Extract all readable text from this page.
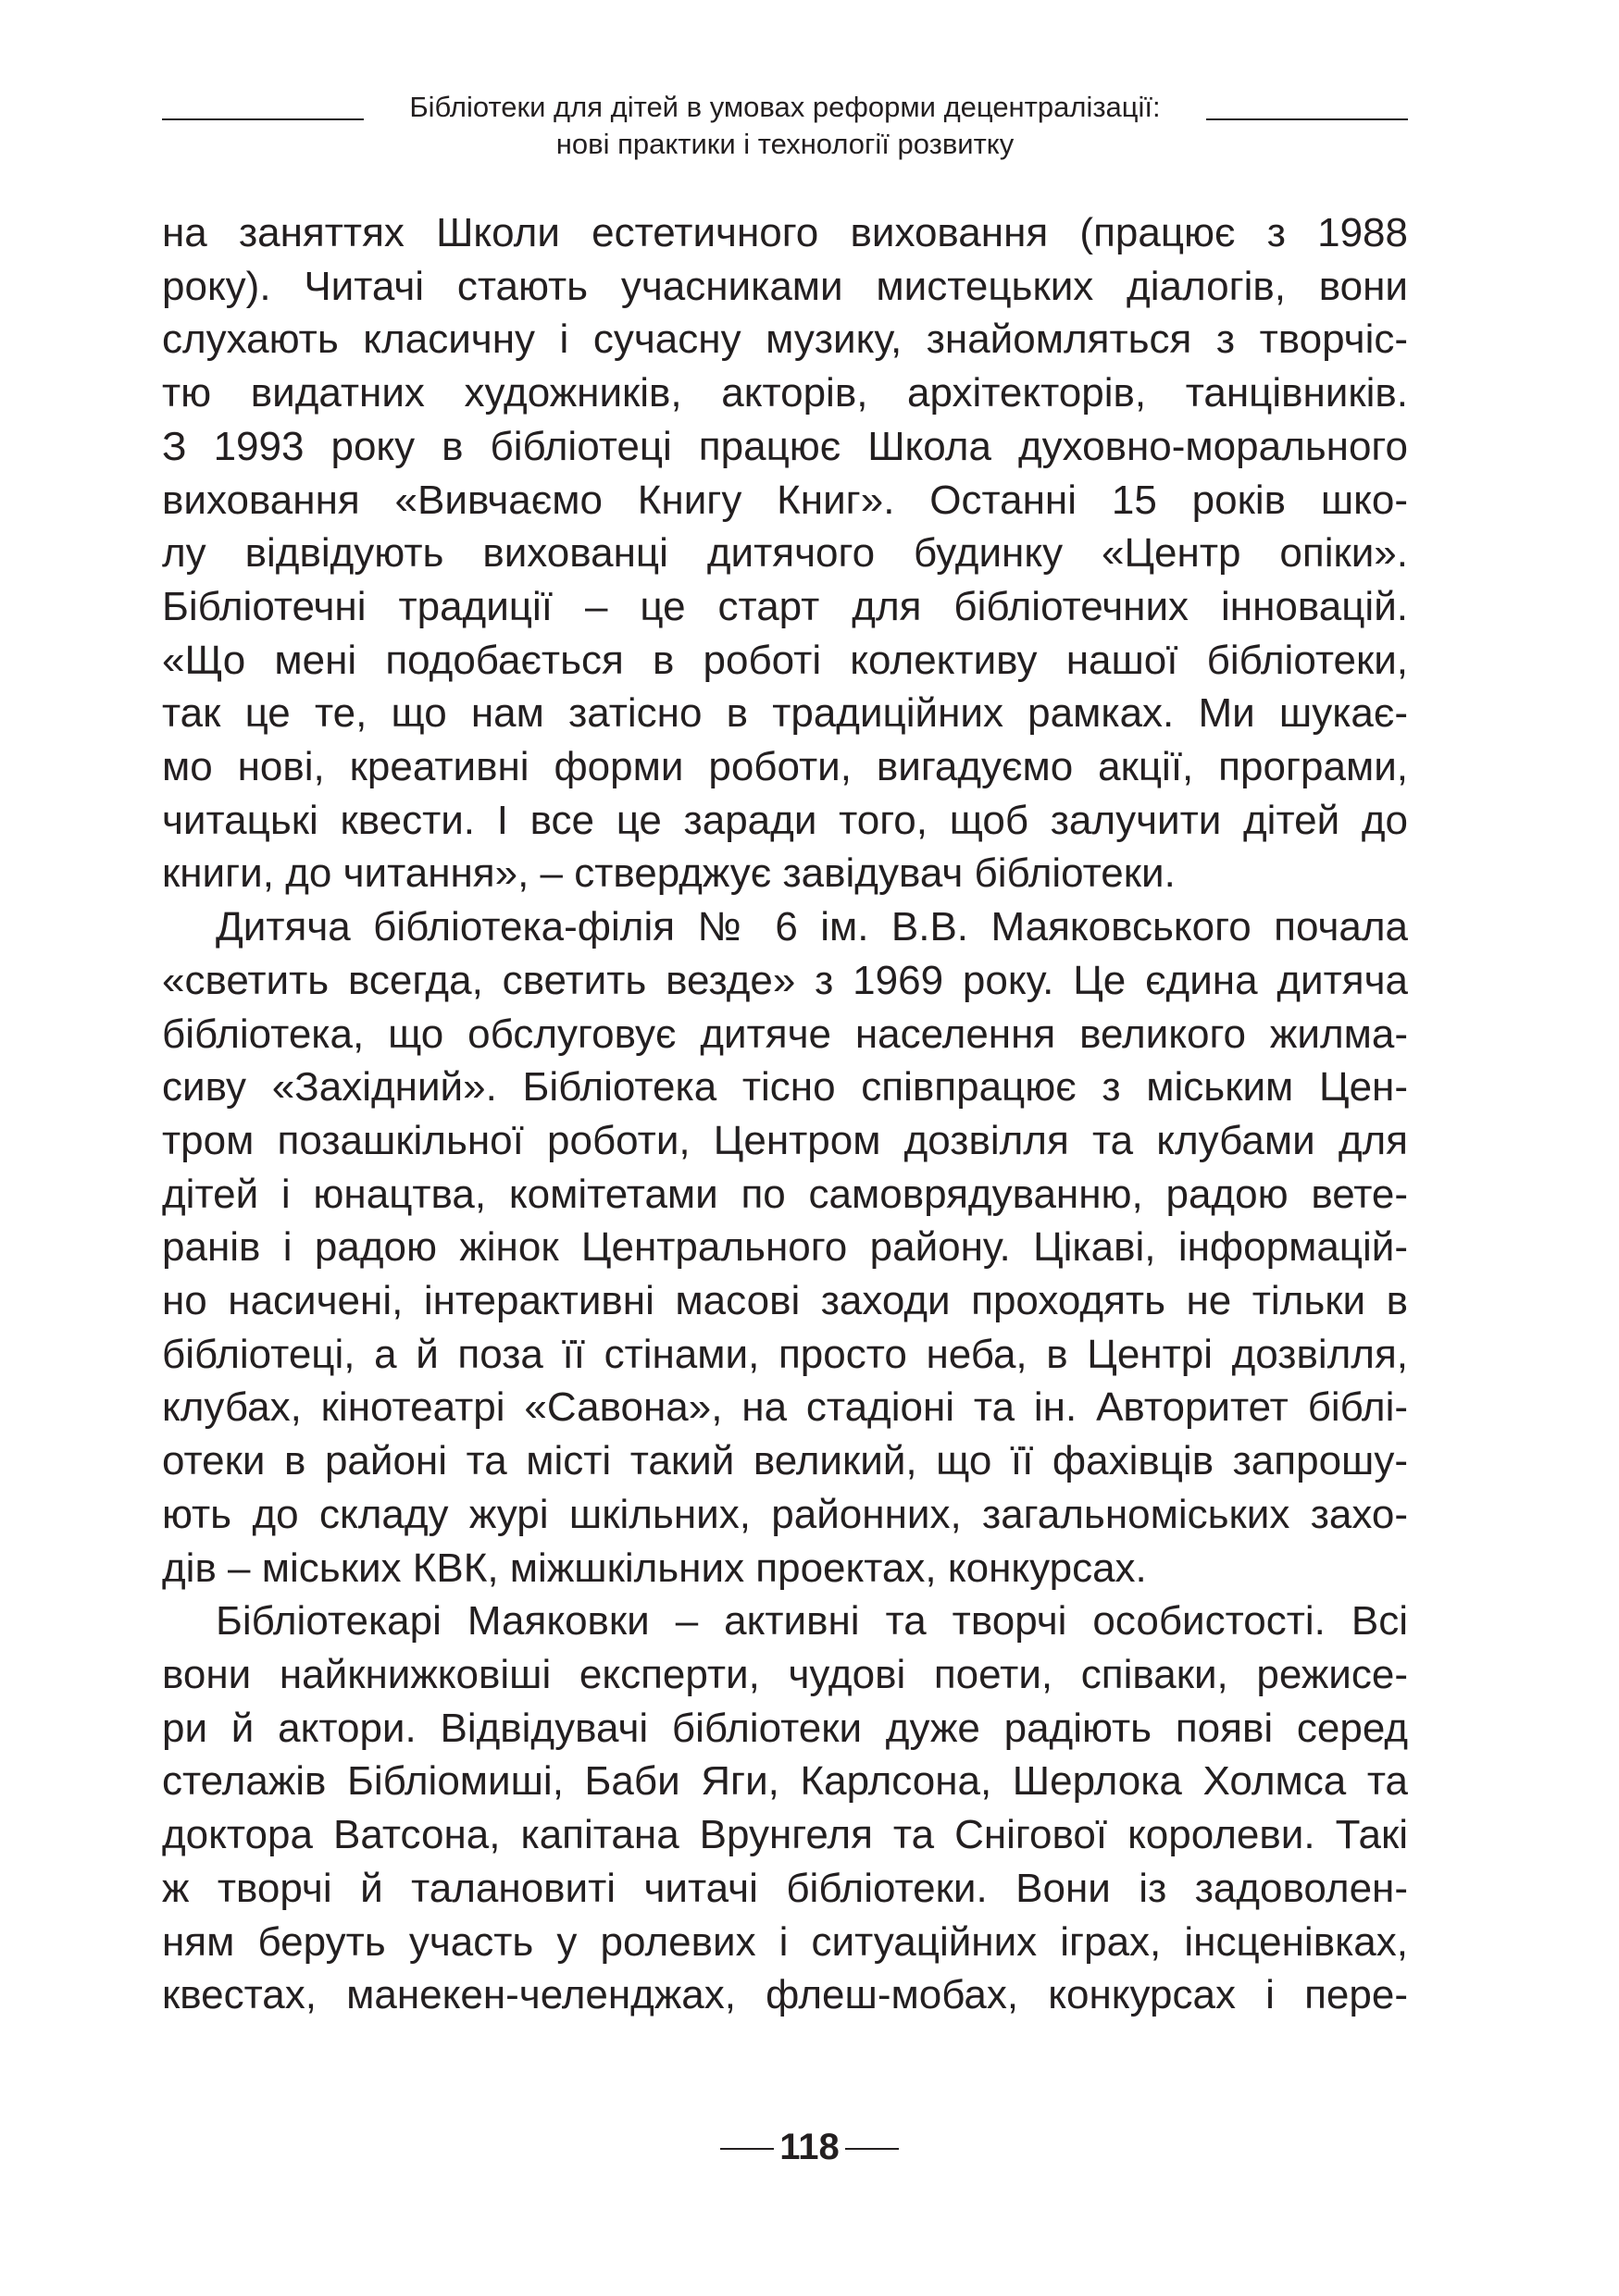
Бібліотеки для дітей в умовах реформи децентралізації:
нові практики і технології розвитку

на заняттях Школи естетичного виховання (працює з 1988
року). Читачі стають учасниками мистецьких діалогів, вони
слухають класичну і сучасну музику, знайомляться з творчіс-
тю видатних художників, акторів, архітекторів, танцівників.
З 1993 року в бібліотеці працює Школа духовно-морального
виховання «Вивчаємо Книгу Книг». Останні 15 років шко-
лу відвідують вихованці дитячого будинку «Центр опіки».
Бібліотечні традиції – це старт для бібліотечних інновацій.
«Що мені подобається в роботі колективу нашої бібліотеки,
так це те, що нам затісно в традиційних рамках. Ми шукає-
мо нові, креативні форми роботи, вигадуємо акції, програми,
читацькі квести. І все це заради того, щоб залучити дітей до
книги, до читання», – стверджує завідувач бібліотеки.

Дитяча бібліотека-філія № 6 ім. В.В. Маяковського почала
«светить всегда, светить везде» з 1969 року. Це єдина дитяча
бібліотека, що обслуговує дитяче населення великого жилма-
сиву «Західний». Бібліотека тісно співпрацює з міським Цен-
тром позашкільної роботи, Центром дозвілля та клубами для
дітей і юнацтва, комітетами по самоврядуванню, радою вете-
ранів і радою жінок Центрального району. Цікаві, інформацій-
но насичені, інтерактивні масові заходи проходять не тільки в
бібліотеці, а й поза її стінами, просто неба, в Центрі дозвілля,
клубах, кінотеатрі «Савона», на стадіоні та ін. Авторитет біблі-
отеки в районі та місті такий великий, що її фахівців запрошу-
ють до складу журі шкільних, районних, загальноміських захо-
дів – міських КВК, міжшкільних проектах, конкурсах.

Бібліотекарі Маяковки – активні та творчі особистості. Всі
вони найкнижковіші експерти, чудові поети, співаки, режисе-
ри й актори. Відвідувачі бібліотеки дуже радіють появі серед
стелажів Бібліомиші, Баби Яги, Карлсона, Шерлока Холмса та
доктора Ватсона, капітана Врунгеля та Снігової королеви. Такі
ж творчі й талановиті читачі бібліотеки. Вони із задоволен-
ням беруть участь у ролевих і ситуаційних іграх, інсценівках,
квестах, манекен-челенджах, флеш-мобах, конкурсах і пере-

118
